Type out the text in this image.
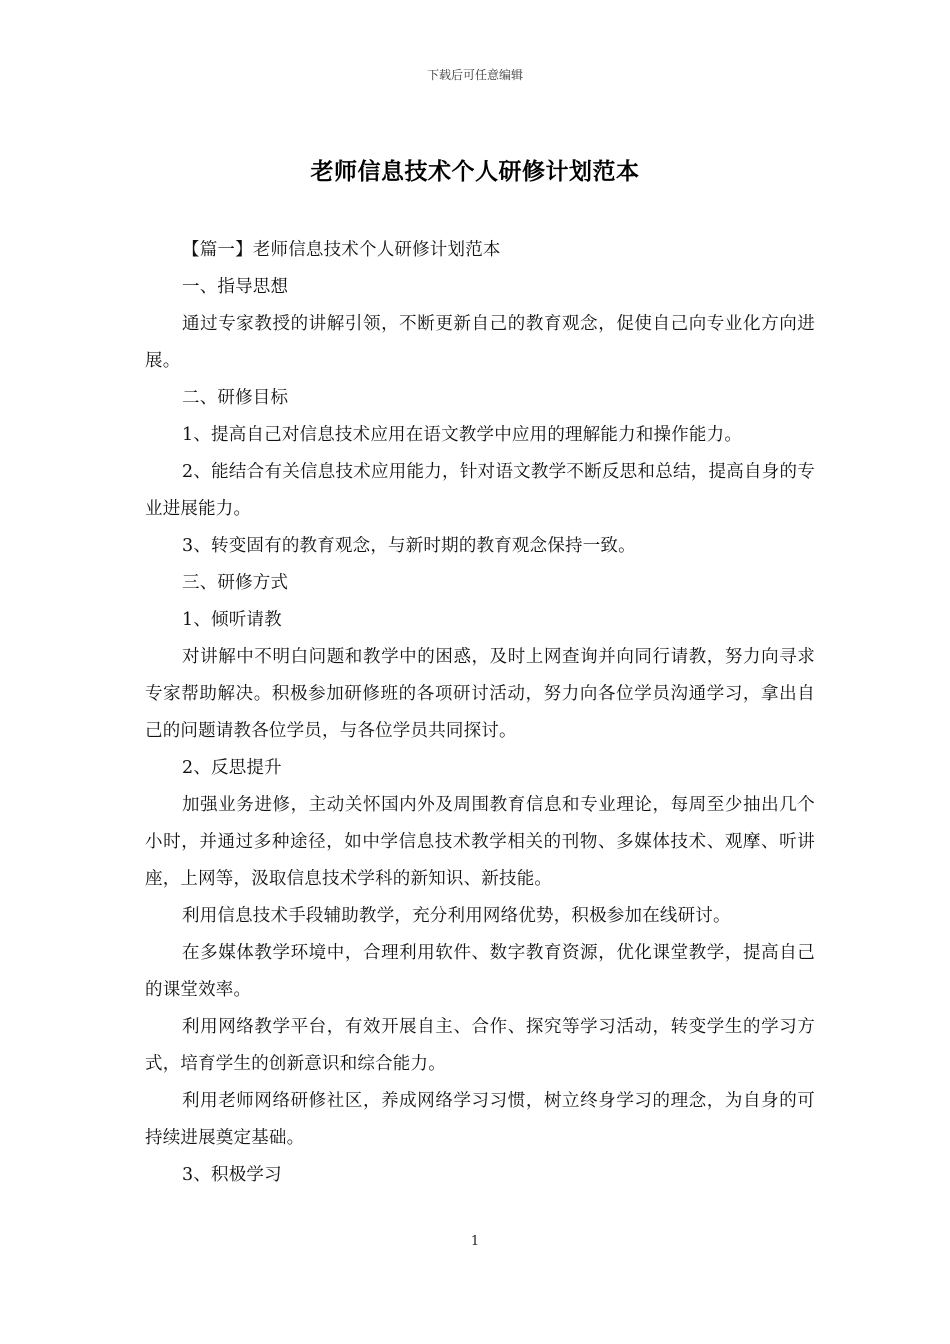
下载后可任意编辑
老师信息技术个人研修计划范本

【篇一】老师信息技术个人研修计划范本

一、指导思想

通过专家教授的讲解引领，不断更新自己的教育观念，促使自己向专业化方向进展。

二、研修目标

1、提高自己对信息技术应用在语文教学中应用的理解能力和操作能力。

2、能结合有关信息技术应用能力，针对语文教学不断反思和总结，提高自身的专业进展能力。

3、转变固有的教育观念，与新时期的教育观念保持一致。

三、研修方式

1、倾听请教

对讲解中不明白问题和教学中的困惑，及时上网查询并向同行请教，努力向寻求专家帮助解决。积极参加研修班的各项研讨活动，努力向各位学员沟通学习，拿出自己的问题请教各位学员，与各位学员共同探讨。

2、反思提升

加强业务进修，主动关怀国内外及周围教育信息和专业理论，每周至少抽出几个小时，并通过多种途径，如中学信息技术教学相关的刊物、多媒体技术、观摩、听讲座，上网等，汲取信息技术学科的新知识、新技能。

利用信息技术手段辅助教学，充分利用网络优势，积极参加在线研讨。

在多媒体教学环境中，合理利用软件、数字教育资源，优化课堂教学，提高自己的课堂效率。

利用网络教学平台，有效开展自主、合作、探究等学习活动，转变学生的学习方式，培育学生的创新意识和综合能力。

利用老师网络研修社区，养成网络学习习惯，树立终身学习的理念，为自身的可持续进展奠定基础。

3、积极学习

1
